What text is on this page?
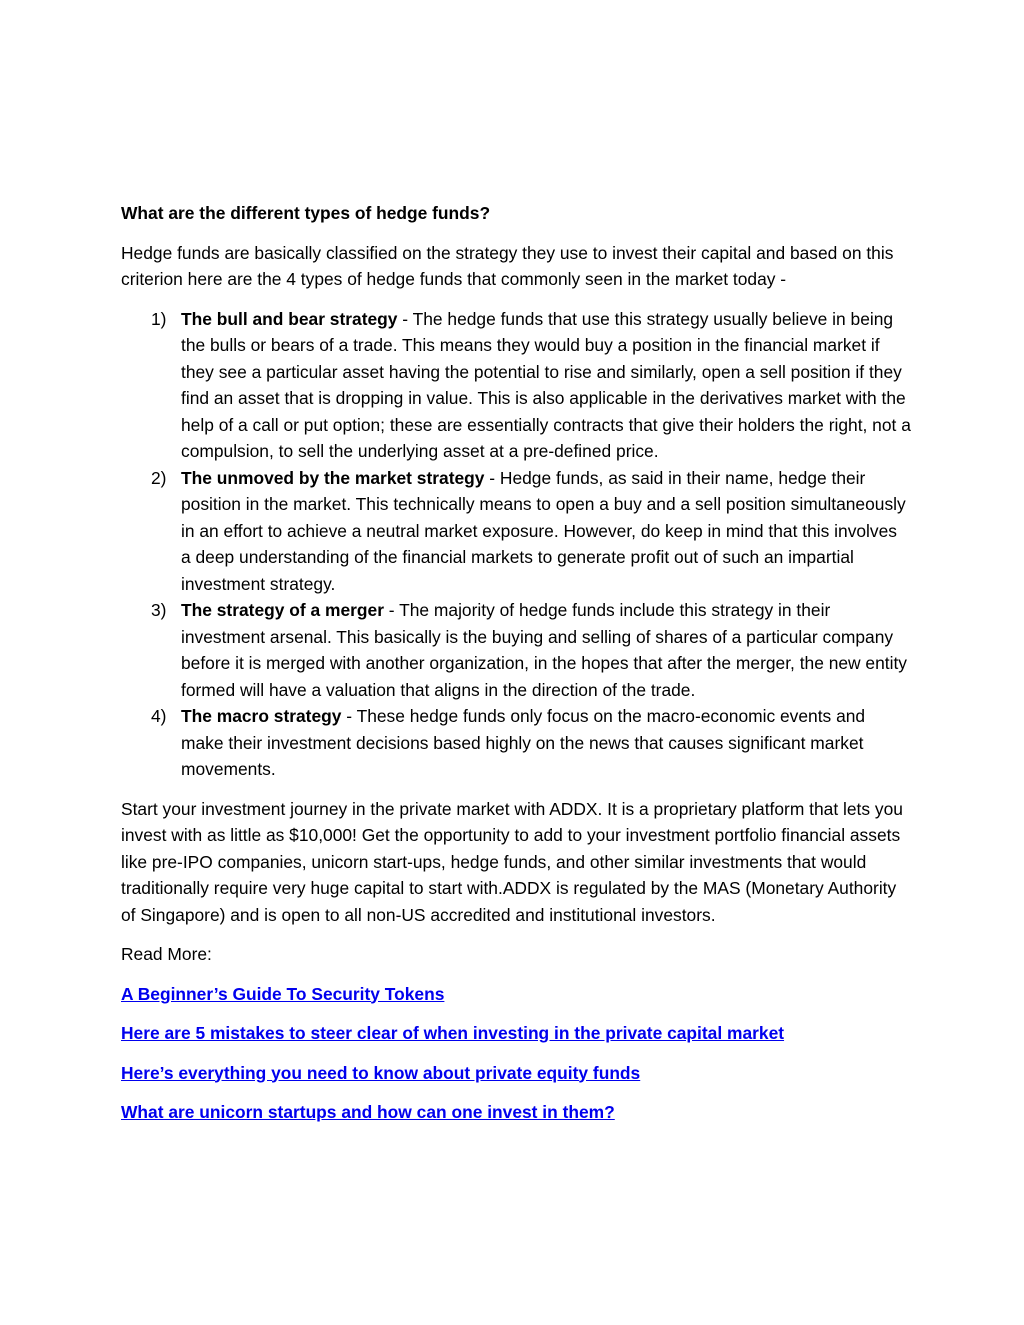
What are the different types of hedge funds?

Hedge funds are basically classified on the strategy they use to invest their capital and based on this criterion here are the 4 types of hedge funds that commonly seen in the market today -

1) The bull and bear strategy - The hedge funds that use this strategy usually believe in being the bulls or bears of a trade. This means they would buy a position in the financial market if they see a particular asset having the potential to rise and similarly, open a sell position if they find an asset that is dropping in value. This is also applicable in the derivatives market with the help of a call or put option; these are essentially contracts that give their holders the right, not a compulsion, to sell the underlying asset at a pre-defined price.
2) The unmoved by the market strategy - Hedge funds, as said in their name, hedge their position in the market. This technically means to open a buy and a sell position simultaneously in an effort to achieve a neutral market exposure. However, do keep in mind that this involves a deep understanding of the financial markets to generate profit out of such an impartial investment strategy.
3) The strategy of a merger - The majority of hedge funds include this strategy in their investment arsenal. This basically is the buying and selling of shares of a particular company before it is merged with another organization, in the hopes that after the merger, the new entity formed will have a valuation that aligns in the direction of the trade.
4) The macro strategy - These hedge funds only focus on the macro-economic events and make their investment decisions based highly on the news that causes significant market movements.

Start your investment journey in the private market with ADDX. It is a proprietary platform that lets you invest with as little as $10,000! Get the opportunity to add to your investment portfolio financial assets like pre-IPO companies, unicorn start-ups, hedge funds, and other similar investments that would traditionally require very huge capital to start with.ADDX is regulated by the MAS (Monetary Authority of Singapore) and is open to all non-US accredited and institutional investors.

Read More:

A Beginner’s Guide To Security Tokens

Here are 5 mistakes to steer clear of when investing in the private capital market

Here’s everything you need to know about private equity funds

What are unicorn startups and how can one invest in them?
